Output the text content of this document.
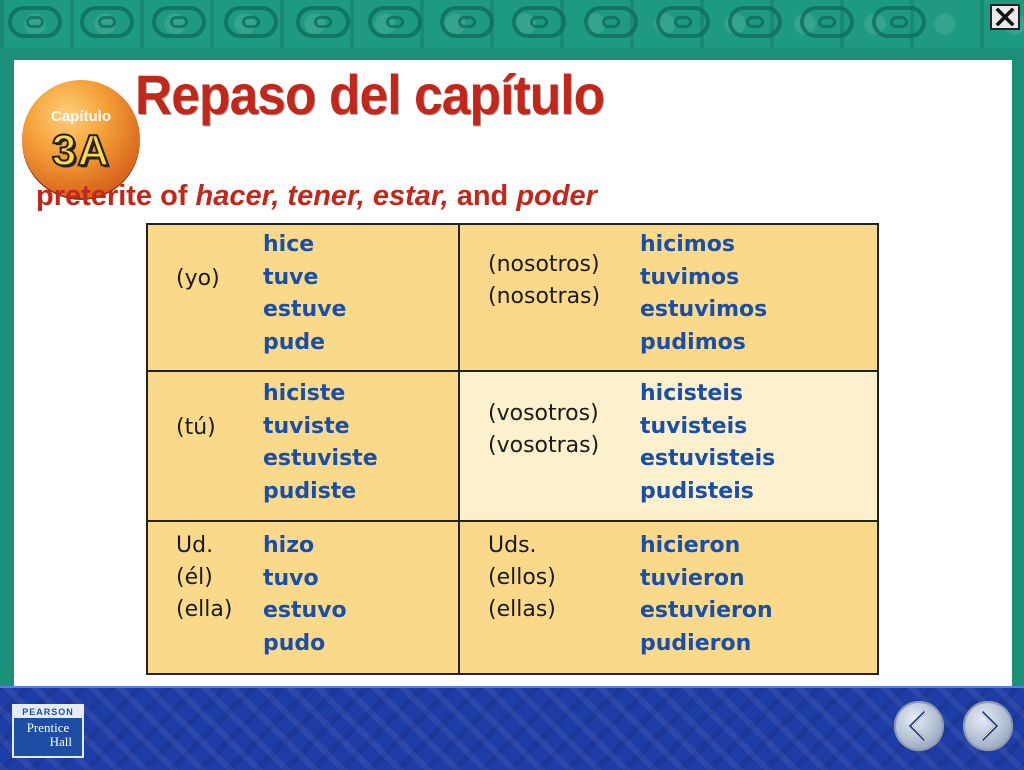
Capítulo
3A
Repaso del capítulo
preterite of hacer, tener, estar, and poder
(yo)
hice
tuve
estuve
pude
(nosotros)
(nosotras)
hicimos
tuvimos
estuvimos
pudimos
(tú)
hiciste
tuviste
estuviste
pudiste
(vosotros)
(vosotras)
hicisteis
tuvisteis
estuvisteis
pudisteis
Ud.
(él)
(ella)
hizo
tuvo
estuvo
pudo
Uds.
(ellos)
(ellas)
hicieron
tuvieron
estuvieron
pudieron
PEARSON
Prentice
Hall
